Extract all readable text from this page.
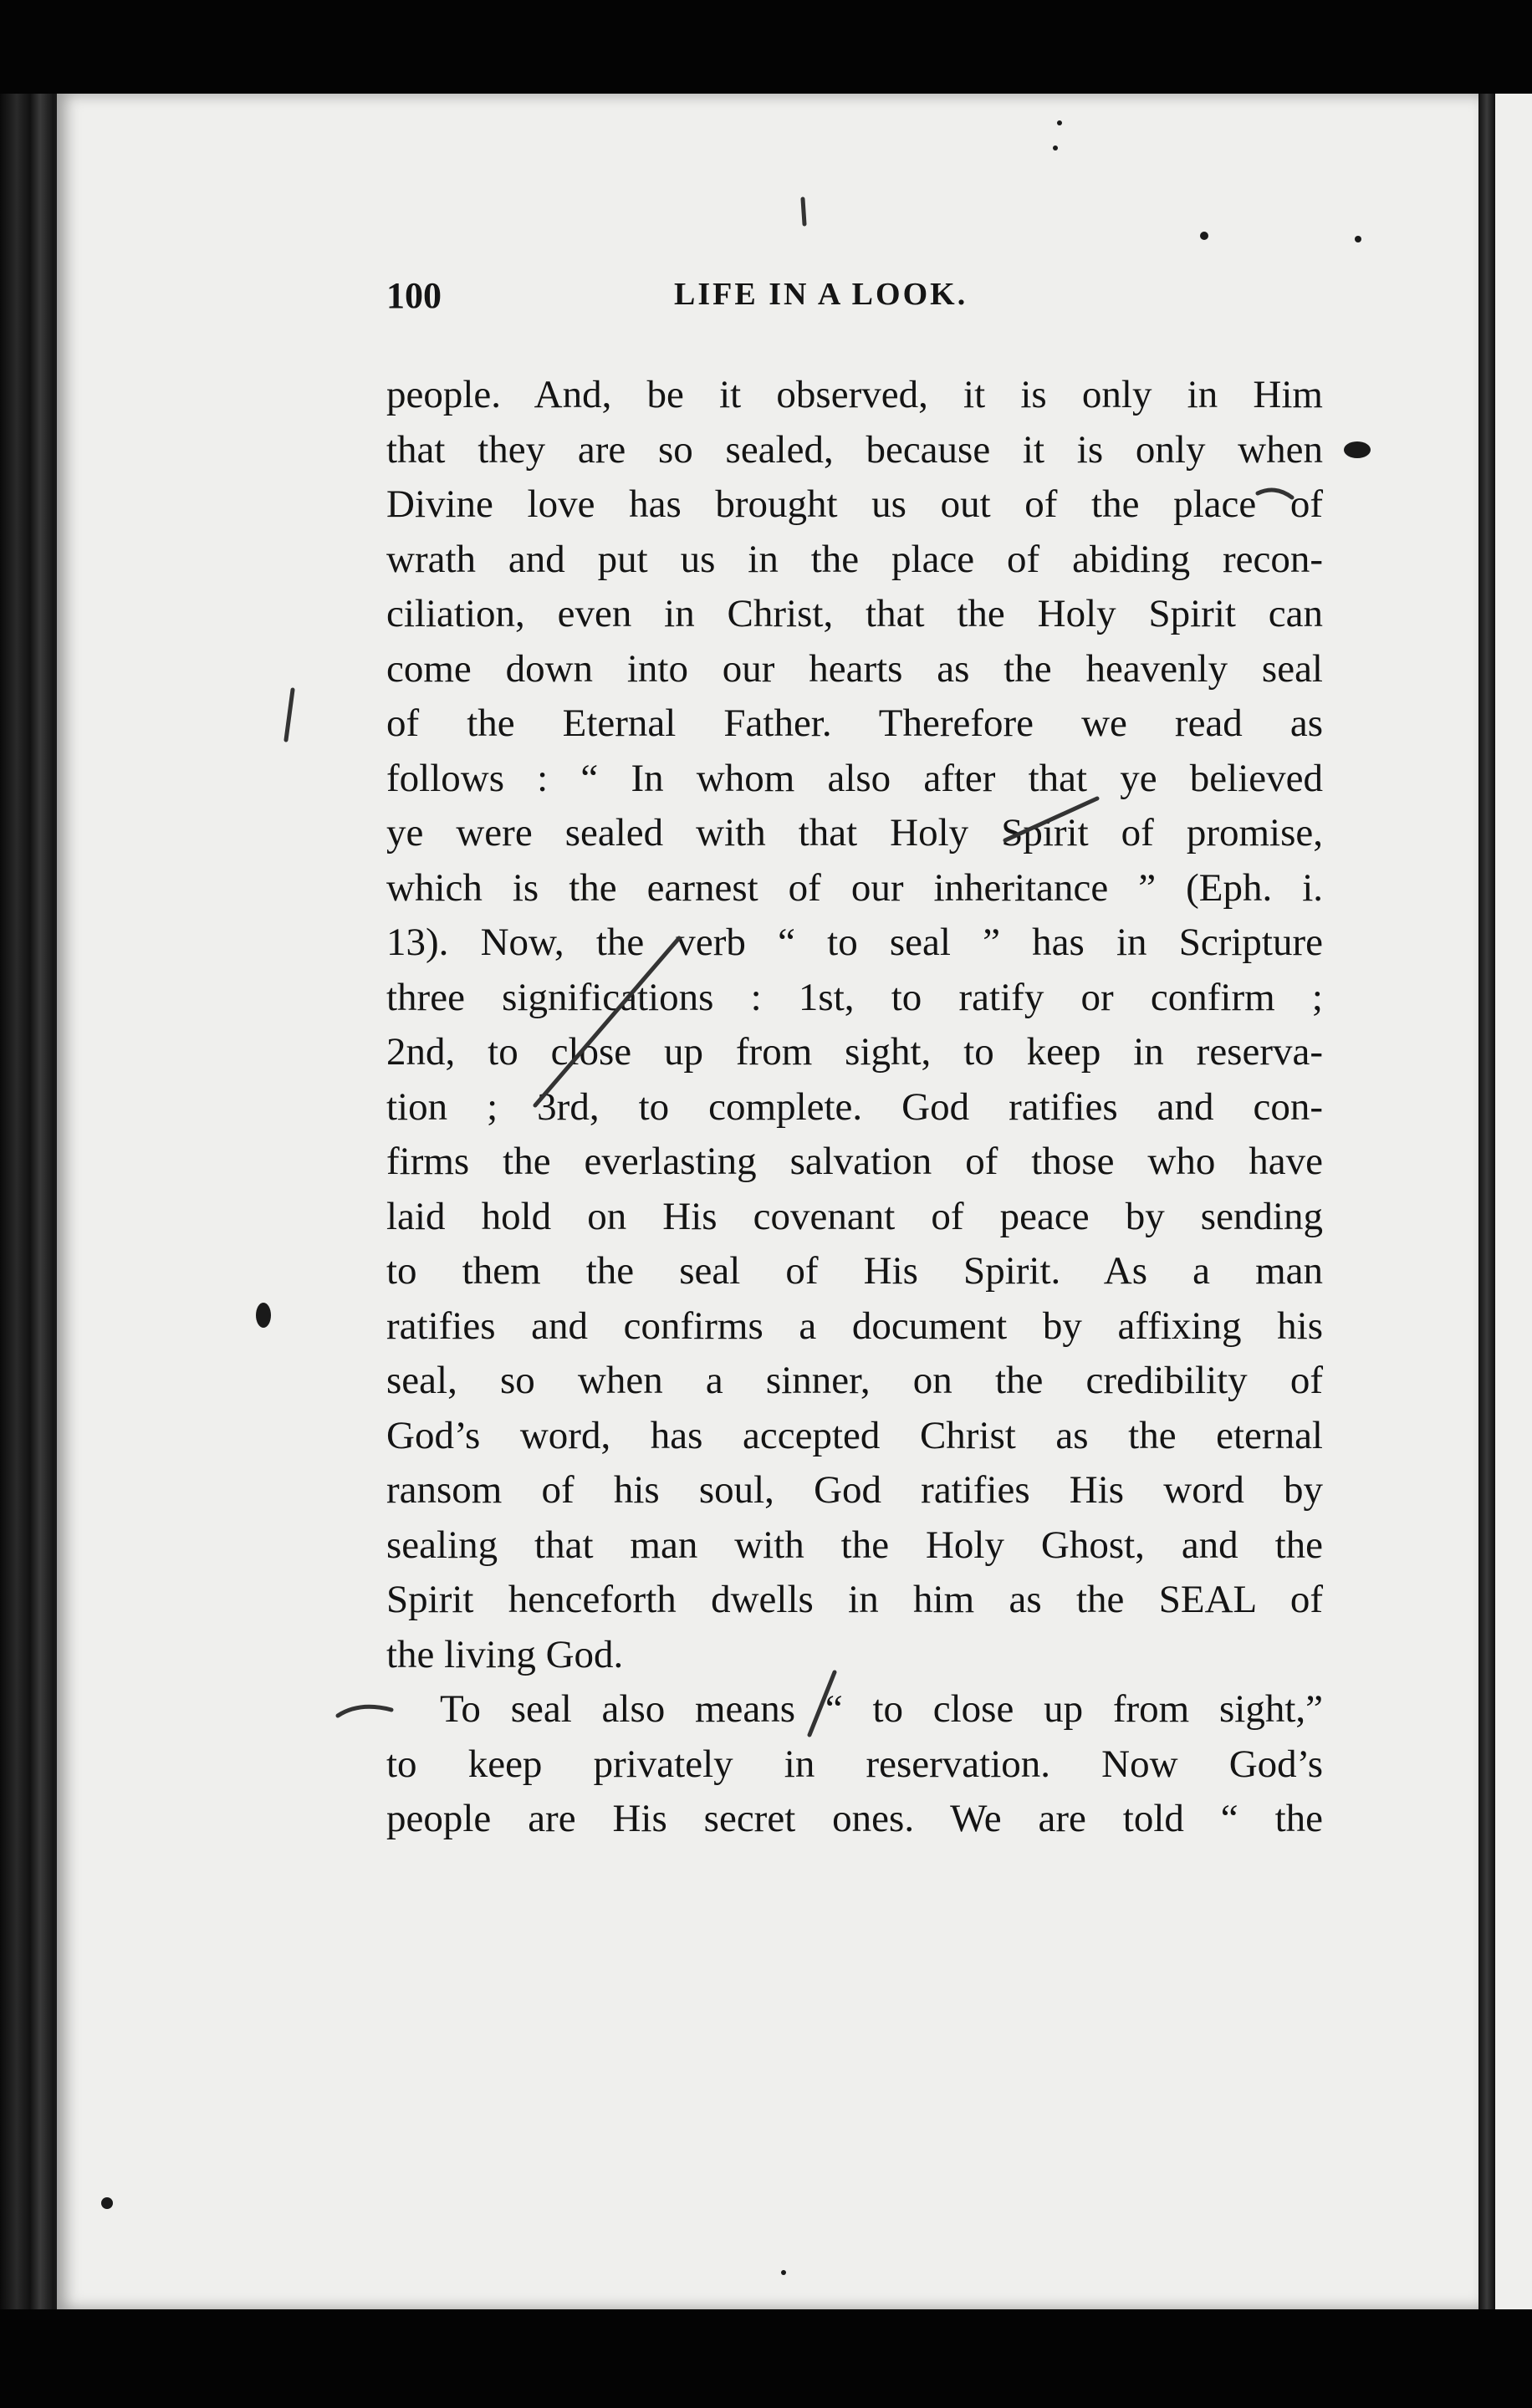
100	LIFE IN A LOOK.
people. And, be it observed, it is only in Him
that they are so sealed, because it is only when
Divine love has brought us out of the place of
wrath and put us in the place of abiding recon-
ciliation, even in Christ, that the Holy Spirit can
come down into our hearts as the heavenly seal
of the Eternal Father. Therefore we read as
follows : “ In whom also after that ye believed
ye were sealed with that Holy Spirit of promise,
which is the earnest of our inheritance ” (Eph. i.
13). Now, the verb “ to seal ” has in Scripture
three significations : 1st, to ratify or confirm ;
2nd, to close up from sight, to keep in reserva-
tion ; 3rd, to complete. God ratifies and con-
firms the everlasting salvation of those who have
laid hold on His covenant of peace by sending
to them the seal of His Spirit. As a man
ratifies and confirms a document by affixing his
seal, so when a sinner, on the credibility of
God’s word, has accepted Christ as the eternal
ransom of his soul, God ratifies His word by
sealing that man with the Holy Ghost, and the
Spirit henceforth dwells in him as the SEAL of
the living God.
To seal also means “ to close up from sight,”
to keep privately in reservation. Now God’s
people are His secret ones. We are told “ the
